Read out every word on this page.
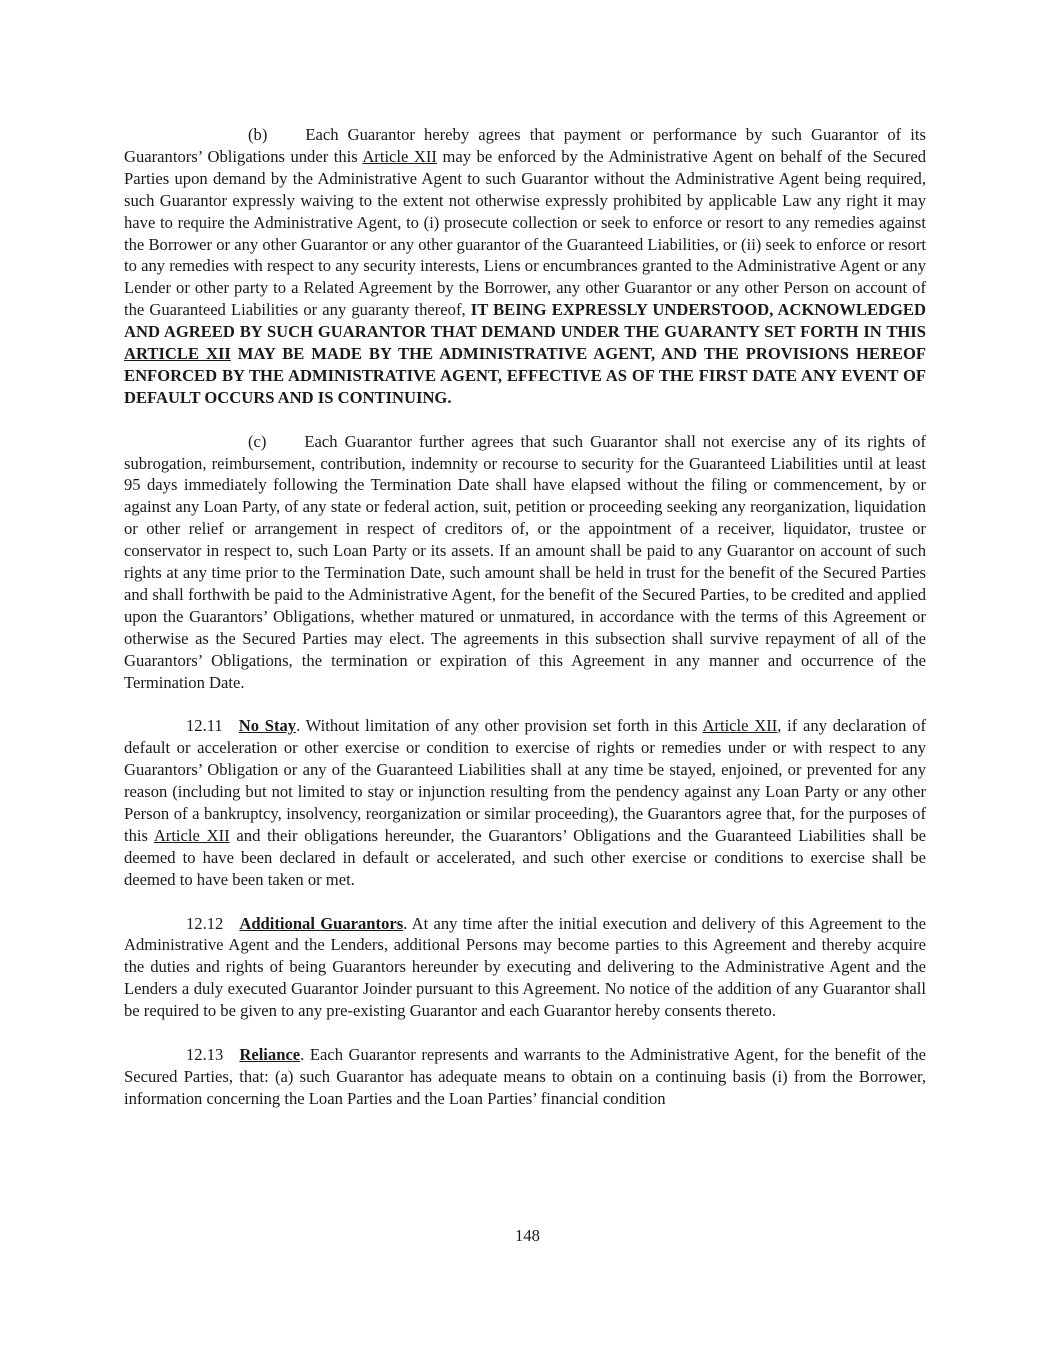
(b) Each Guarantor hereby agrees that payment or performance by such Guarantor of its Guarantors’ Obligations under this Article XII may be enforced by the Administrative Agent on behalf of the Secured Parties upon demand by the Administrative Agent to such Guarantor without the Administrative Agent being required, such Guarantor expressly waiving to the extent not otherwise expressly prohibited by applicable Law any right it may have to require the Administrative Agent, to (i) prosecute collection or seek to enforce or resort to any remedies against the Borrower or any other Guarantor or any other guarantor of the Guaranteed Liabilities, or (ii) seek to enforce or resort to any remedies with respect to any security interests, Liens or encumbrances granted to the Administrative Agent or any Lender or other party to a Related Agreement by the Borrower, any other Guarantor or any other Person on account of the Guaranteed Liabilities or any guaranty thereof, IT BEING EXPRESSLY UNDERSTOOD, ACKNOWLEDGED AND AGREED BY SUCH GUARANTOR THAT DEMAND UNDER THE GUARANTY SET FORTH IN THIS ARTICLE XII MAY BE MADE BY THE ADMINISTRATIVE AGENT, AND THE PROVISIONS HEREOF ENFORCED BY THE ADMINISTRATIVE AGENT, EFFECTIVE AS OF THE FIRST DATE ANY EVENT OF DEFAULT OCCURS AND IS CONTINUING.

(c) Each Guarantor further agrees that such Guarantor shall not exercise any of its rights of subrogation, reimbursement, contribution, indemnity or recourse to security for the Guaranteed Liabilities until at least 95 days immediately following the Termination Date shall have elapsed without the filing or commencement, by or against any Loan Party, of any state or federal action, suit, petition or proceeding seeking any reorganization, liquidation or other relief or arrangement in respect of creditors of, or the appointment of a receiver, liquidator, trustee or conservator in respect to, such Loan Party or its assets. If an amount shall be paid to any Guarantor on account of such rights at any time prior to the Termination Date, such amount shall be held in trust for the benefit of the Secured Parties and shall forthwith be paid to the Administrative Agent, for the benefit of the Secured Parties, to be credited and applied upon the Guarantors’ Obligations, whether matured or unmatured, in accordance with the terms of this Agreement or otherwise as the Secured Parties may elect. The agreements in this subsection shall survive repayment of all of the Guarantors’ Obligations, the termination or expiration of this Agreement in any manner and occurrence of the Termination Date.

12.11 No Stay. Without limitation of any other provision set forth in this Article XII, if any declaration of default or acceleration or other exercise or condition to exercise of rights or remedies under or with respect to any Guarantors’ Obligation or any of the Guaranteed Liabilities shall at any time be stayed, enjoined, or prevented for any reason (including but not limited to stay or injunction resulting from the pendency against any Loan Party or any other Person of a bankruptcy, insolvency, reorganization or similar proceeding), the Guarantors agree that, for the purposes of this Article XII and their obligations hereunder, the Guarantors’ Obligations and the Guaranteed Liabilities shall be deemed to have been declared in default or accelerated, and such other exercise or conditions to exercise shall be deemed to have been taken or met.

12.12 Additional Guarantors. At any time after the initial execution and delivery of this Agreement to the Administrative Agent and the Lenders, additional Persons may become parties to this Agreement and thereby acquire the duties and rights of being Guarantors hereunder by executing and delivering to the Administrative Agent and the Lenders a duly executed Guarantor Joinder pursuant to this Agreement. No notice of the addition of any Guarantor shall be required to be given to any pre-existing Guarantor and each Guarantor hereby consents thereto.

12.13 Reliance. Each Guarantor represents and warrants to the Administrative Agent, for the benefit of the Secured Parties, that: (a) such Guarantor has adequate means to obtain on a continuing basis (i) from the Borrower, information concerning the Loan Parties and the Loan Parties’ financial condition

148
